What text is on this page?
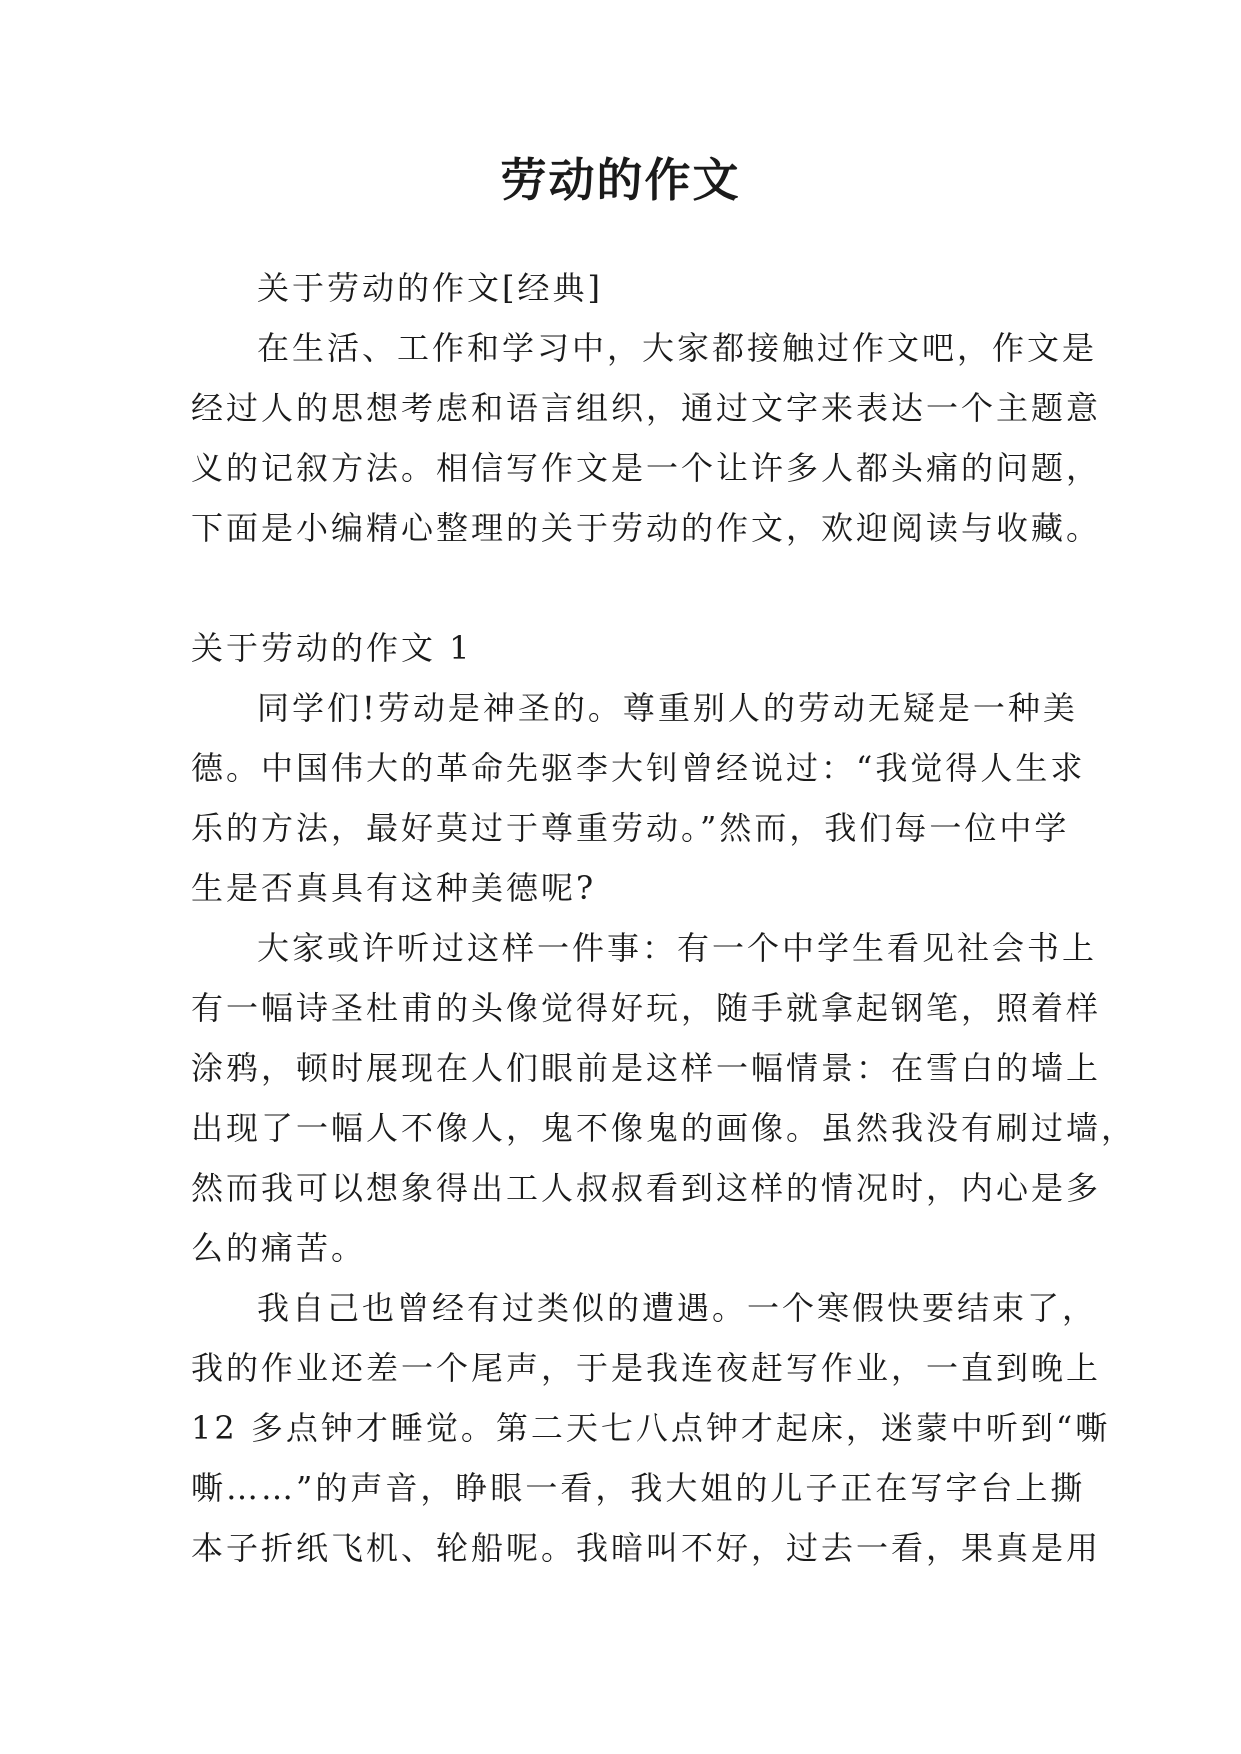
劳动的作文
关于劳动的作文[经典]
在生活、工作和学习中，大家都接触过作文吧，作文是
经过人的思想考虑和语言组织，通过文字来表达一个主题意
义的记叙方法。相信写作文是一个让许多人都头痛的问题，
下面是小编精心整理的关于劳动的作文，欢迎阅读与收藏。
关于劳动的作文 1
同学们!劳动是神圣的。尊重别人的劳动无疑是一种美
德。中国伟大的革命先驱李大钊曾经说过：“我觉得人生求
乐的方法，最好莫过于尊重劳动。”然而，我们每一位中学
生是否真具有这种美德呢?
大家或许听过这样一件事：有一个中学生看见社会书上
有一幅诗圣杜甫的头像觉得好玩，随手就拿起钢笔，照着样
涂鸦，顿时展现在人们眼前是这样一幅情景：在雪白的墙上
出现了一幅人不像人，鬼不像鬼的画像。虽然我没有刷过墙，
然而我可以想象得出工人叔叔看到这样的情况时，内心是多
么的痛苦。
我自己也曾经有过类似的遭遇。一个寒假快要结束了，
我的作业还差一个尾声，于是我连夜赶写作业，一直到晚上
12 多点钟才睡觉。第二天七八点钟才起床，迷蒙中听到“嘶
嘶……”的声音，睁眼一看，我大姐的儿子正在写字台上撕
本子折纸飞机、轮船呢。我暗叫不好，过去一看，果真是用
